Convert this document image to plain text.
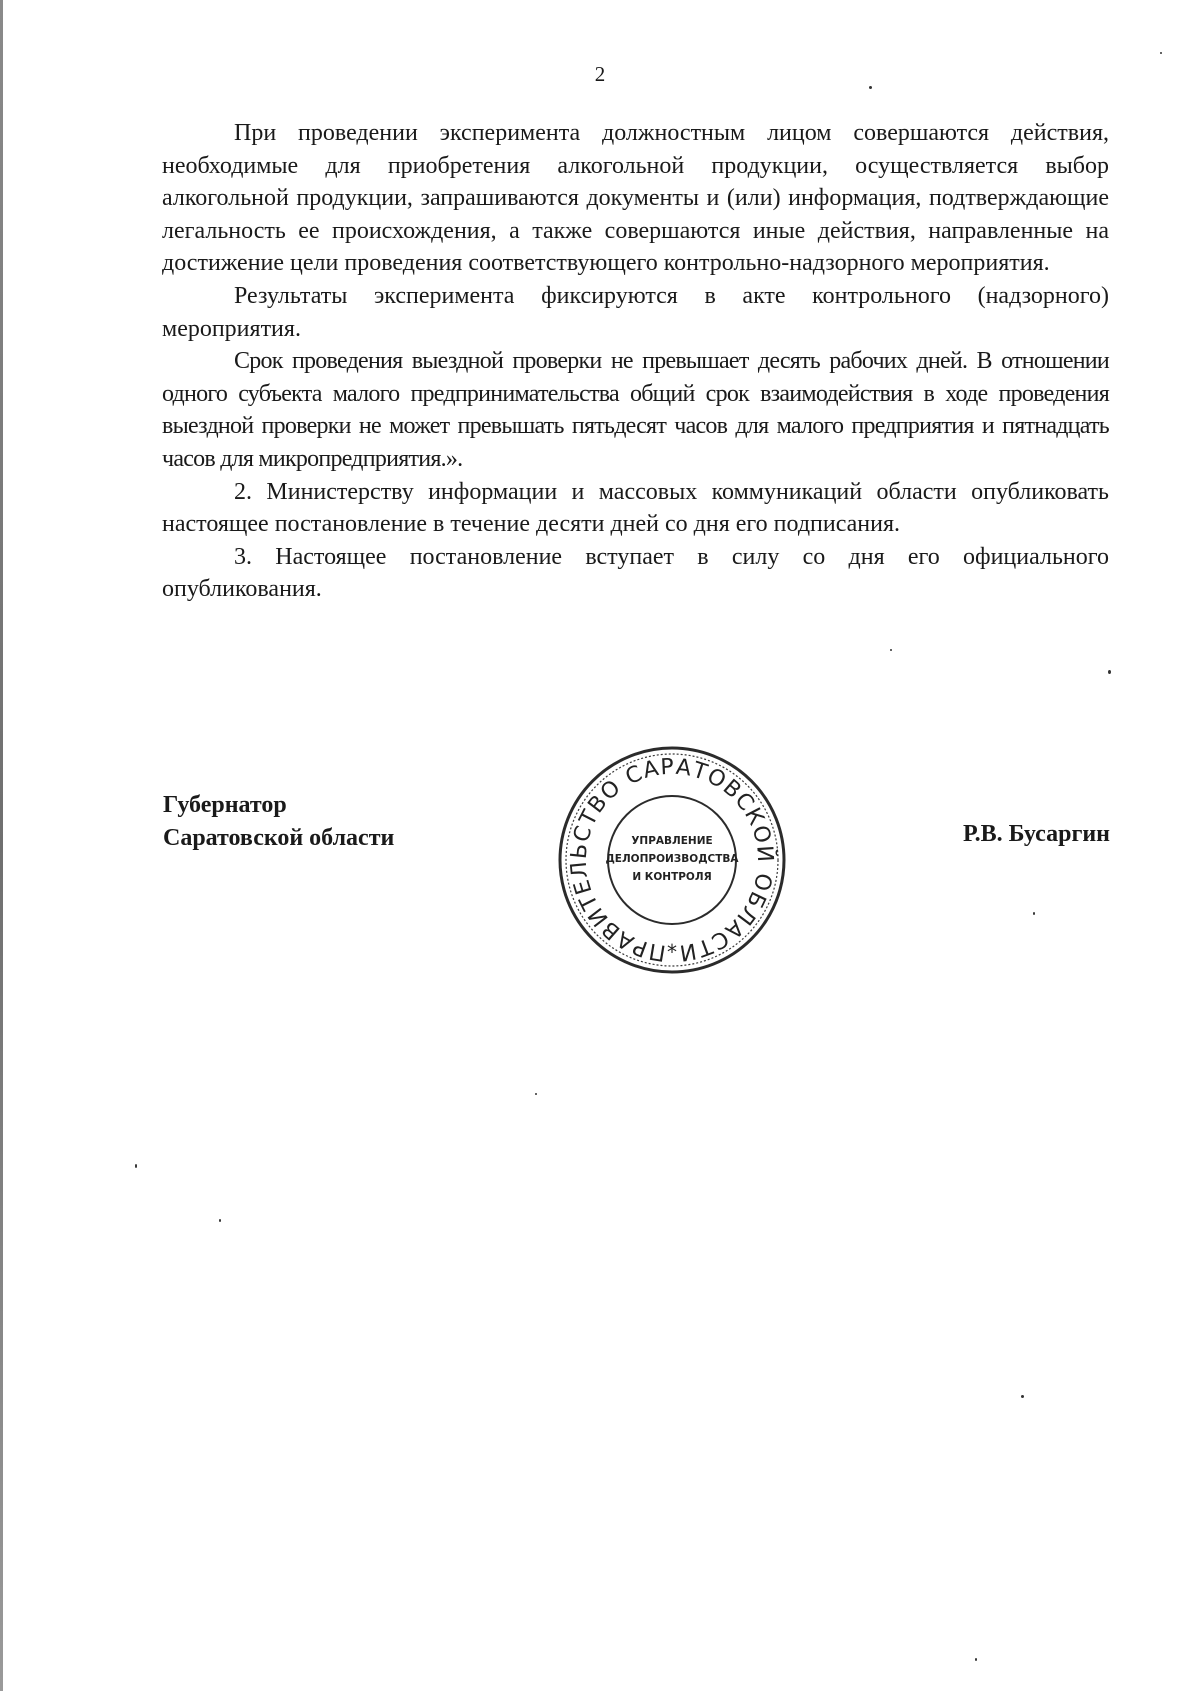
2

При проведении эксперимента должностным лицом совершаются действия, необходимые для приобретения алкогольной продукции, осуществляется выбор алкогольной продукции, запрашиваются документы и (или) информация, подтверждающие легальность ее происхождения, а также совершаются иные действия, направленные на достижение цели проведения соответствующего контрольно-надзорного мероприятия.

Результаты эксперимента фиксируются в акте контрольного (надзорного) мероприятия.

Срок проведения выездной проверки не превышает десять рабочих дней. В отношении одного субъекта малого предпринимательства общий срок взаимодействия в ходе проведения выездной проверки не может превышать пятьдесят часов для малого предприятия и пятнадцать часов для микропредприятия.».

2. Министерству информации и массовых коммуникаций области опубликовать настоящее постановление в течение десяти дней со дня его подписания.

3. Настоящее постановление вступает в силу со дня его официального опубликования.

Губернатор
Саратовской области	Р.В. Бусаргин
ПРАВИТЕЛЬСТВО САРАТОВСКОЙ ОБЛАСТИ
УПРАВЛЕНИЕ
ДЕЛОПРОИЗВОДСТВА
И КОНТРОЛЯ
*
